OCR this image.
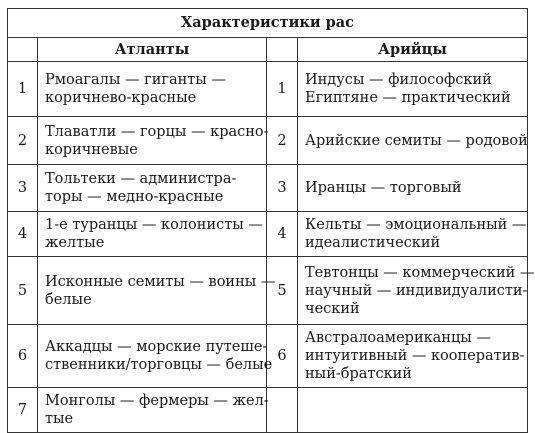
Характеристики рас			
	Атланты		Арийцы
1	Рмоагалы — гиганты —
коричнево-красные	1	Индусы — философский
Египтяне — практический

2	Тлаватли — горцы — красно-
коричневые	2	Арийские семиты — родовой

3	Тольтеки — администра-
торы — медно-красные	3	Иранцы — торговый

4	1-е туранцы — колонисты —
желтые	4	Кельты — эмоциональный —
идеалистический

5	Исконные семиты — воины —
белые	5	Тевтонцы — коммерческий —
научный — индивидуалисти-
ческий

6	Аккадцы — морские путеше-
ственники/торговцы — белые	6	Австралоамериканцы —
интуитивный — кооператив-
ный-братский

7	Монголы — фермеры — жел-
тые		
